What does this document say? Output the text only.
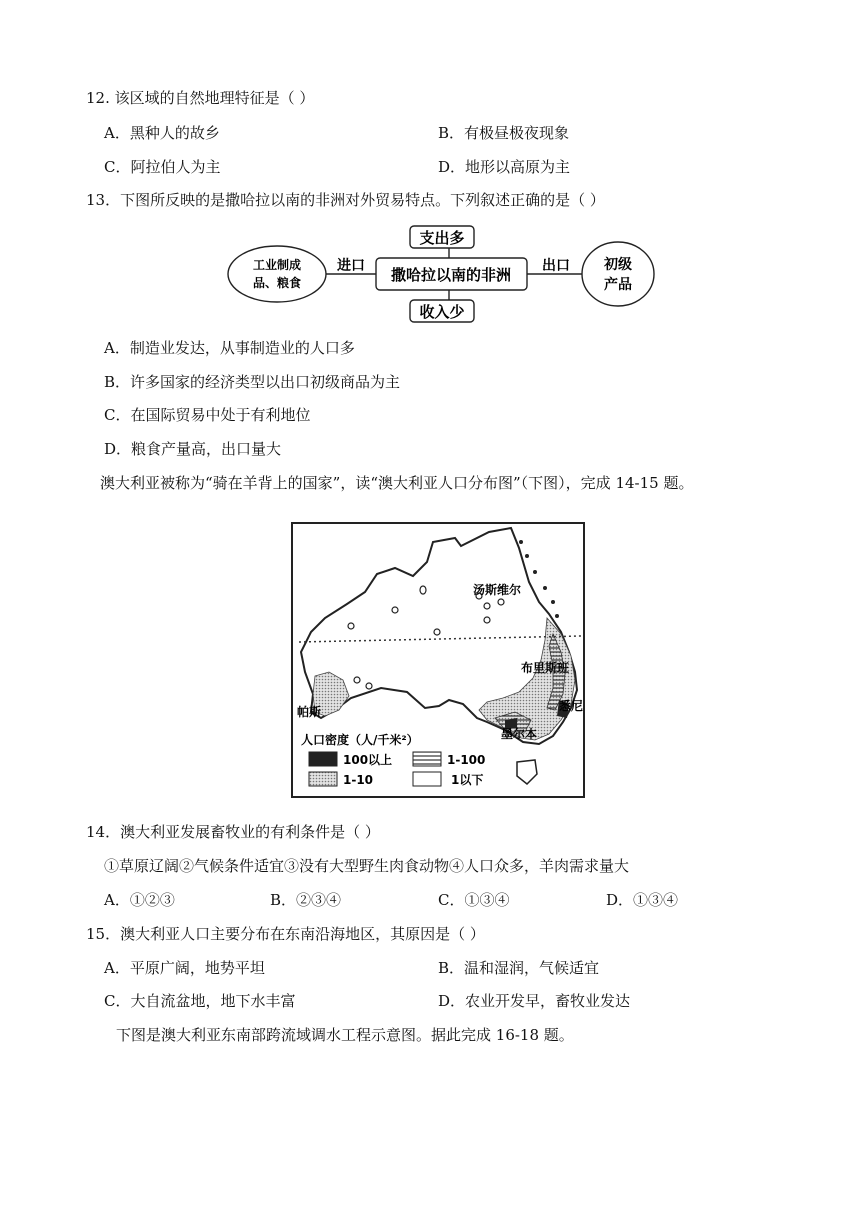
12. 该区域的自然地理特征是（ ）
A．黑种人的故乡	B．有极昼极夜现象
C．阿拉伯人为主	D．地形以高原为主
13．下图所反映的是撒哈拉以南的非洲对外贸易特点。下列叙述正确的是（ ）
撒哈拉以南的非洲
支出多
收入少
工业制成
品、粮食
进口	出口 初级
产品
A．制造业发达，从事制造业的人口多
B．许多国家的经济类型以出口初级商品为主
C．在国际贸易中处于有利地位
D．粮食产量高，出口量大
澳大利亚被称为“骑在羊背上的国家”，读“澳大利亚人口分布图”（下图），完成 14-15 题。
汤斯维尔
布里斯班
悉尼
墨尔本
帕斯
人口密度（人/千米²）
100以上	1-100
1-10	1以下
14．澳大利亚发展畜牧业的有利条件是（ ）
①草原辽阔②气候条件适宜③没有大型野生肉食动物④人口众多，羊肉需求量大
A．①②③	B．②③④	C．①③④	D．①③④
15．澳大利亚人口主要分布在东南沿海地区，其原因是（ ）
A．平原广阔，地势平坦	B．温和湿润，气候适宜
C．大自流盆地，地下水丰富	D．农业开发早，畜牧业发达
下图是澳大利亚东南部跨流域调水工程示意图。据此完成 16-18 题。
